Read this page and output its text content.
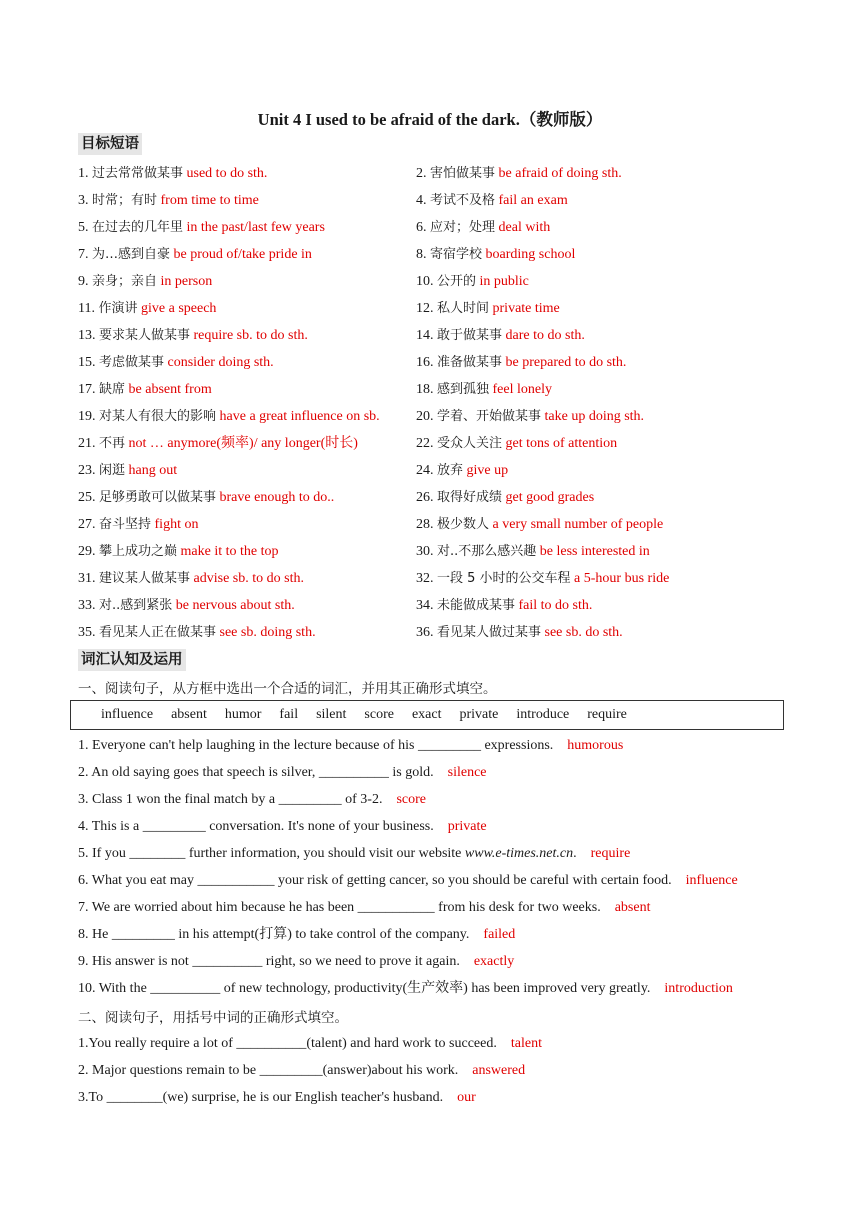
Unit 4 I used to be afraid of the dark.（教师版）
目标短语
1. 过去常常做某事 used to do sth.	2. 害怕做某事 be afraid of doing sth.
3. 时常；有时 from time to time	4. 考试不及格 fail an exam
5. 在过去的几年里 in the past/last few years	6. 应对；处理 deal with
7. 为…感到自豪 be proud of/take pride in	8. 寄宿学校 boarding school
9. 亲身；亲自 in person	10. 公开的 in public
11. 作演讲 give a speech	12. 私人时间 private time
13. 要求某人做某事 require sb. to do sth.	14. 敢于做某事 dare to do sth.
15. 考虑做某事 consider doing sth.	16. 准备做某事 be prepared to do sth.
17. 缺席 be absent from	18. 感到孤独 feel lonely
19. 对某人有很大的影响 have a great influence on sb.	20. 学着、开始做某事 take up doing sth.
21. 不再 not … anymore(频率)/ any longer(时长)	22. 受众人关注 get tons of attention
23. 闲逛 hang out	24. 放弃 give up
25. 足够勇敢可以做某事 brave enough to do..	26. 取得好成绩 get good grades
27. 奋斗坚持 fight on	28. 极少数人 a very small number of people
29. 攀上成功之巅 make it to the top	30. 对..不那么感兴趣 be less interested in
31. 建议某人做某事 advise sb. to do sth.	32. 一段 5 小时的公交车程 a 5-hour bus ride
33. 对..感到紧张 be nervous about sth.	34. 未能做成某事 fail to do sth.
35. 看见某人正在做某事 see sb. doing sth.	36. 看见某人做过某事 see sb. do sth.
词汇认知及运用
一、阅读句子，从方框中选出一个合适的词汇，并用其正确形式填空。
influence absent humor fail silent score exact private introduce require
1. Everyone can't help laughing in the lecture because of his _________ expressions. humorous
2. An old saying goes that speech is silver, __________ is gold. silence
3. Class 1 won the final match by a _________ of 3-2. score
4. This is a _________ conversation. It's none of your business. private
5. If you ________ further information, you should visit our website www.e-times.net.cn. require
6. What you eat may ___________ your risk of getting cancer, so you should be careful with certain food. influence
7. We are worried about him because he has been ___________ from his desk for two weeks. absent
8. He _________ in his attempt(打算) to take control of the company. failed
9. His answer is not __________ right, so we need to prove it again. exactly
10. With the __________ of new technology, productivity(生产效率) has been improved very greatly. introduction
二、阅读句子，用括号中词的正确形式填空。
1.You really require a lot of __________(talent) and hard work to succeed. talent
2. Major questions remain to be _________(answer)about his work. answered
3.To ________(we) surprise, he is our English teacher's husband. our
